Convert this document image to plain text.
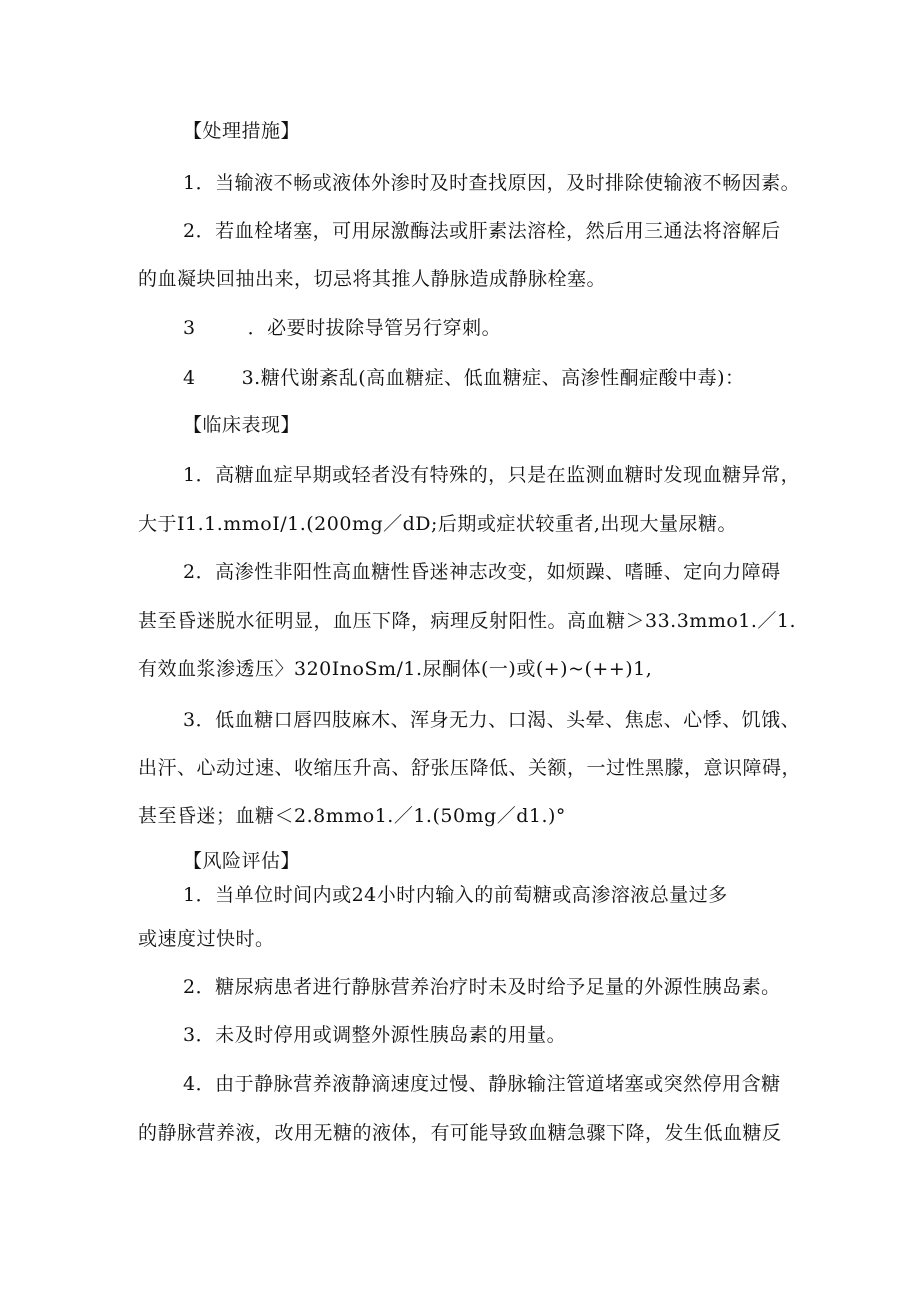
【处理措施】
1．当输液不畅或液体外渗时及时查找原因，及时排除使输液不畅因素。
2．若血栓堵塞，可用尿激酶法或肝素法溶栓，然后用三通法将溶解后
的血凝块回抽出来，切忌将其推人静脉造成静脉栓塞。
3	．必要时拔除导管另行穿刺。
4 3.糖代谢紊乱(高血糖症、低血糖症、高渗性酮症酸中毒)：
【临床表现】
1．高糖血症早期或轻者没有特殊的，只是在监测血糖时发现血糖异常，
大于I1.1.mmoI/1.(200mg／dD;后期或症状较重者,出现大量尿糖。
2．高渗性非阳性高血糖性昏迷神志改变，如烦躁、嗜睡、定向力障碍
甚至昏迷脱水征明显，血压下降，病理反射阳性。高血糖＞33.3mmo1.／1.
有效血浆渗透压〉320InoSm/1.尿酮体(一)或(+)~(++)1,
3．低血糖口唇四肢麻木、浑身无力、口渴、头晕、焦虑、心悸、饥饿、
出汗、心动过速、收缩压升高、舒张压降低、关额，一过性黑朦，意识障碍，
甚至昏迷；血糖＜2.8mmo1.／1.(50mg／d1.)°
【风险评估】
1．当单位时间内或24小时内输入的前萄糖或高渗溶液总量过多
或速度过快时。
2．糖尿病患者进行静脉营养治疗时未及时给予足量的外源性胰岛素。
3．未及时停用或调整外源性胰岛素的用量。
4．由于静脉营养液静滴速度过慢、静脉输注管道堵塞或突然停用含糖
的静脉营养液，改用无糖的液体，有可能导致血糖急骤下降，发生低血糖反
